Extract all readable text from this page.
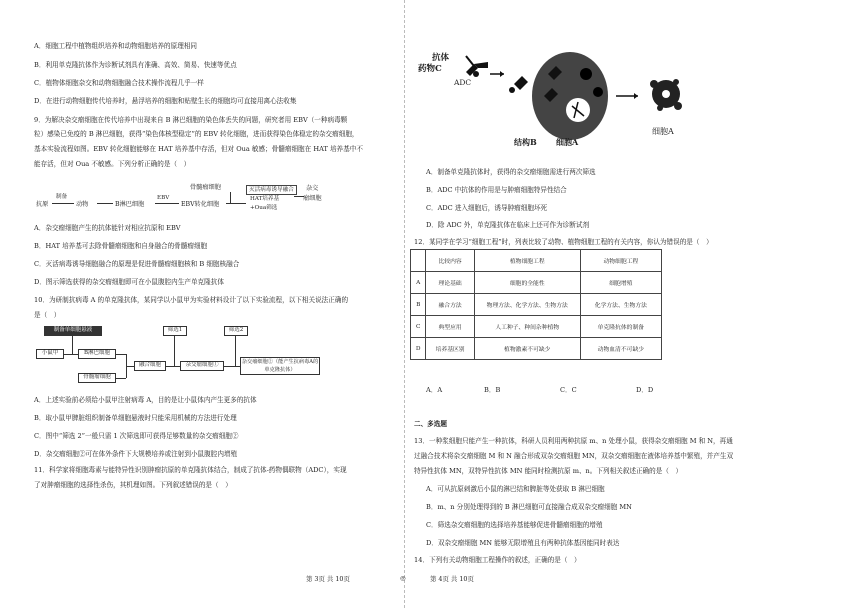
A．细胞工程中植物组织培养和动物细胞培养的原理相同
B．利用单克隆抗体作为诊断试剂具有准确、高效、简易、快速等优点
C．植物体细胞杂交和动物细胞融合技术操作流程几乎一样
D．在进行动物细胞传代培养时，悬浮培养的细胞和贴壁生长的细胞均可直接用离心法收集
9．为解决杂交瘤细胞在传代培养中出现来自 B 淋巴细胞的染色体丢失的问题，研究者用 EBV（一种病毒颗
粒）感染已免疫的 B 淋巴细胞，获得“染色体核型稳定”的 EBV 转化细胞，进而获得染色体稳定的杂交瘤细胞，
基本实验流程如图。EBV 转化细胞能够在 HAT 培养基中存活，但对 Oua 敏感；骨髓瘤细胞在 HAT 培养基中不
能存活，但对 Oua 不敏感。下列分析正确的是（　）
抗原
制备
动物	B淋巴细胞
EBV
EBV转化细胞
骨髓瘤细胞	灭活病毒诱导融合
HAT培养基
+Oua筛选
杂交
瘤细胞
A．杂交瘤细胞产生的抗体能针对相应抗原和 EBV
B．HAT 培养基可去除骨髓瘤细胞和自身融合的骨髓瘤细胞
C．灭活病毒诱导细胞融合的原理是促进骨髓瘤细胞核和 B 细胞核融合
D．图示筛选获得的杂交瘤细胞即可在小鼠腹腔内生产单克隆抗体
10．为研制抗病毒 A 的单克隆抗体，某同学以小鼠甲为实验材料设计了以下实验流程，以下相关说法正确的
是（　）
制备单细胞悬液
小鼠甲	B淋巴细胞
骨髓瘤细胞
融合细胞
筛选1
杂交瘤细胞①
筛选2
杂交瘤细胞②（能产生抗病毒A的单克隆抗体）
A．上述实验前必须给小鼠甲注射病毒 A，目的是让小鼠体内产生更多的抗体
B．取小鼠甲脾脏组织制备单细胞悬液时只能采用机械的方法进行处理
C．图中“筛选 2”一般只需 1 次筛选即可获得足够数量的杂交瘤细胞②
D．杂交瘤细胞②可在体外条件下大规模培养或注射到小鼠腹腔内增殖
11．科学家将细胞毒素与能特异性识别肿瘤抗原的单克隆抗体结合，制成了抗体-药物偶联物（ADC），实现
了对肿瘤细胞的选择性杀伤，其机理如图。下列叙述错误的是（　）
抗体
药物C
ADC
结构B 细胞A
细胞A
A．制备单克隆抗体时，获得的杂交瘤细胞需进行两次筛选
B．ADC 中抗体的作用是与肿瘤细胞特异性结合
C．ADC 进入细胞后，诱导肿瘤细胞坏死
D．除 ADC 外，单克隆抗体在临床上还可作为诊断试剂
12．某同学在学习“细胞工程”时，列表比较了动物、植物细胞工程的有关内容，你认为错误的是（　）
	比较内容	植物细胞工程	动物细胞工程
A	理论基础	细胞的全能性	细胞增殖
B	融合方法	物理方法、化学方法、生物方法	化学方法、生物方法
C	典型应用	人工种子、种间杂种植物	单克隆抗体的制备
D	培养基区别	植物激素不可缺少	动物血清不可缺少
A．A	B．B	C．C	D．D
二、多选题
13．一种浆细胞只能产生一种抗体，科研人员利用两种抗原 m、n 处理小鼠，获得杂交瘤细胞 M 和 N，再通
过融合技术将杂交瘤细胞 M 和 N 融合形成双杂交瘤细胞 MN，双杂交瘤细胞在液体培养基中繁殖，并产生双
特异性抗体 MN，双特异性抗体 MN 能同时检测抗原 m、n。下列相关叙述正确的是（　）
A．可从抗原刺激后小鼠的淋巴结和脾脏等处获取 B 淋巴细胞
B．m、n 分别处理得到的 B 淋巴细胞可直接融合成双杂交瘤细胞 MN
C．筛选杂交瘤细胞的选择培养基能够促进骨髓瘤细胞的增殖
D．双杂交瘤细胞 MN 能够无限增殖且有两种抗体基因能同时表达
14．下列有关动物细胞工程操作的叙述，正确的是（　）
第 3页 共 10页	◎	第 4页 共 10页
